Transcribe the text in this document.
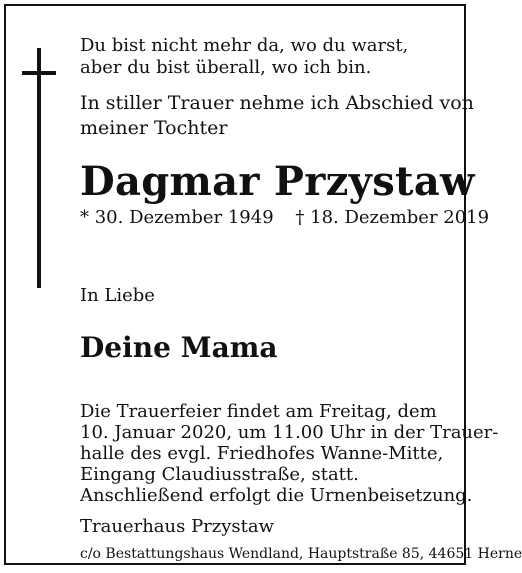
Du bist nicht mehr da, wo du warst,
aber du bist überall, wo ich bin.
In stiller Trauer nehme ich Abschied von
meiner Tochter
Dagmar Przystaw
* 30. Dezember 1949 † 18. Dezember 2019
In Liebe
Deine Mama
Die Trauerfeier findet am Freitag, dem
10. Januar 2020, um 11.00 Uhr in der Trauer-
halle des evgl. Friedhofes Wanne-Mitte,
Eingang Claudiusstraße, statt.
Anschließend erfolgt die Urnenbeisetzung.
Trauerhaus Przystaw
c/o Bestattungshaus Wendland, Hauptstraße 85, 44651 Herne
